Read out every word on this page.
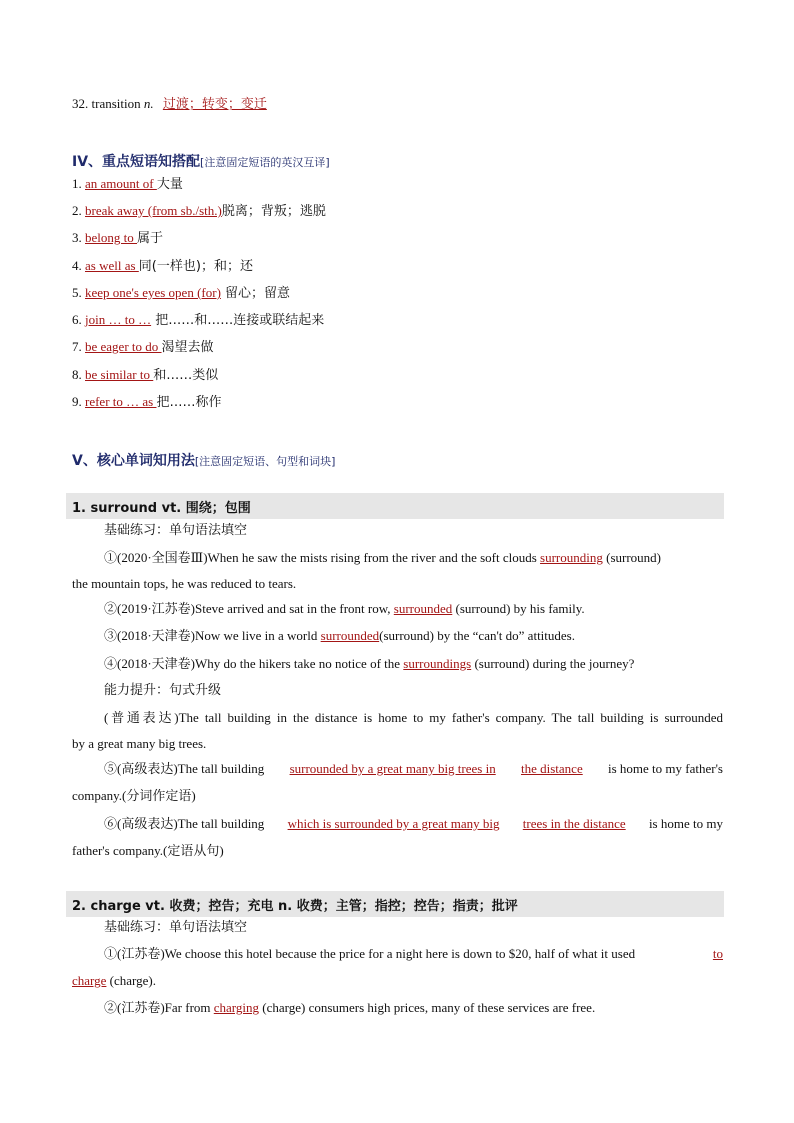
32. transition n. 过渡；转变；变迁
IV、重点短语知搭配[注意固定短语的英汉互译]
1. an amount of 大量
2. break away (from sb./sth.)脱离；背叛；逃脱
3. belong to 属于
4. as well as 同(一样也)；和；还
5. keep one's eyes open (for) 留心；留意
6. join … to … 把……和……连接或联结起来
7. be eager to do 渴望去做
8. be similar to 和……类似
9. refer to … as 把……称作
V、核心单词知用法[注意固定短语、句型和词块]
1. surround vt. 围绕；包围
基础练习：单句语法填空
①(2020·全国卷Ⅲ)When he saw the mists rising from the river and the soft clouds surrounding (surround)
the mountain tops, he was reduced to tears.
②(2019·江苏卷)Steve arrived and sat in the front row, surrounded (surround) by his family.
③(2018·天津卷)Now we live in a world surrounded(surround) by the “can't do” attitudes.
④(2018·天津卷)Why do the hikers take no notice of the surroundings (surround) during the journey?
能力提升：句式升级
(普通表达)The tall building in the distance is home to my father's company. The tall building is surrounded
by a great many big trees.
⑤(高级表达)The tall building surrounded by a great many big trees in the distance is home to my father's
company.(分词作定语)
⑥(高级表达)The tall building which is surrounded by a great many big trees in the distance is home to my
father's company.(定语从句)
2. charge vt. 收费；控告；充电 n. 收费；主管；指控；控告；指责；批评
基础练习：单句语法填空
①(江苏卷)We choose this hotel because the price for a night here is down to $20, half of what it used	to
charge (charge).
②(江苏卷)Far from charging (charge) consumers high prices, many of these services are free.
